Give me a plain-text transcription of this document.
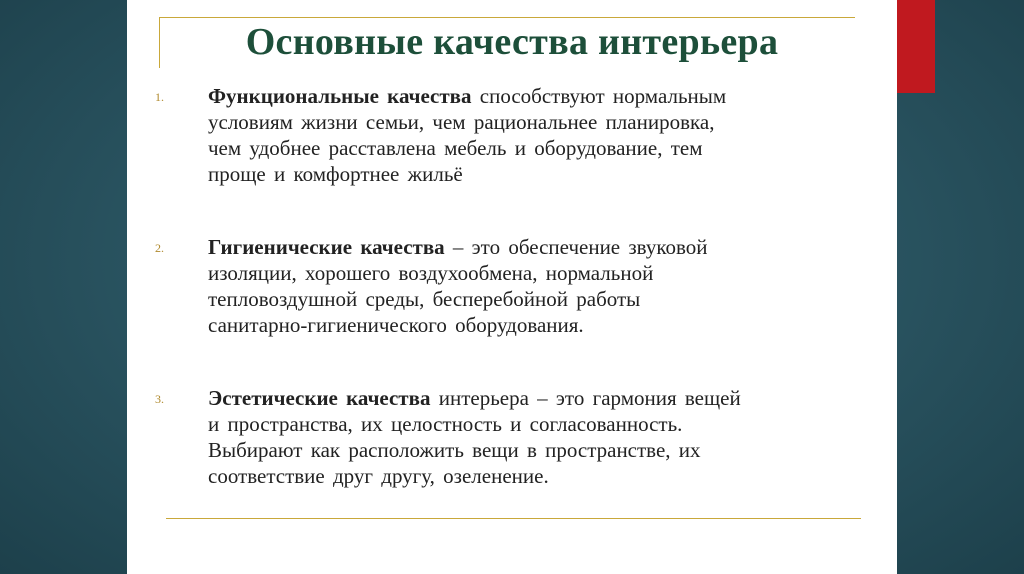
Основные качества интерьера
1. Функциональные качества способствуют нормальным
условиям жизни семьи, чем рациональнее планировка,
чем удобнее расставлена мебель и оборудование, тем
проще и комфортнее жильё
2. Гигиенические качества – это обеспечение звуковой
изоляции, хорошего воздухообмена, нормальной
тепловоздушной среды, бесперебойной работы
санитарно-гигиенического оборудования.
3. Эстетические качества интерьера – это гармония вещей
и пространства, их целостность и согласованность.
Выбирают как расположить вещи в пространстве, их
соответствие друг другу, озеленение.
